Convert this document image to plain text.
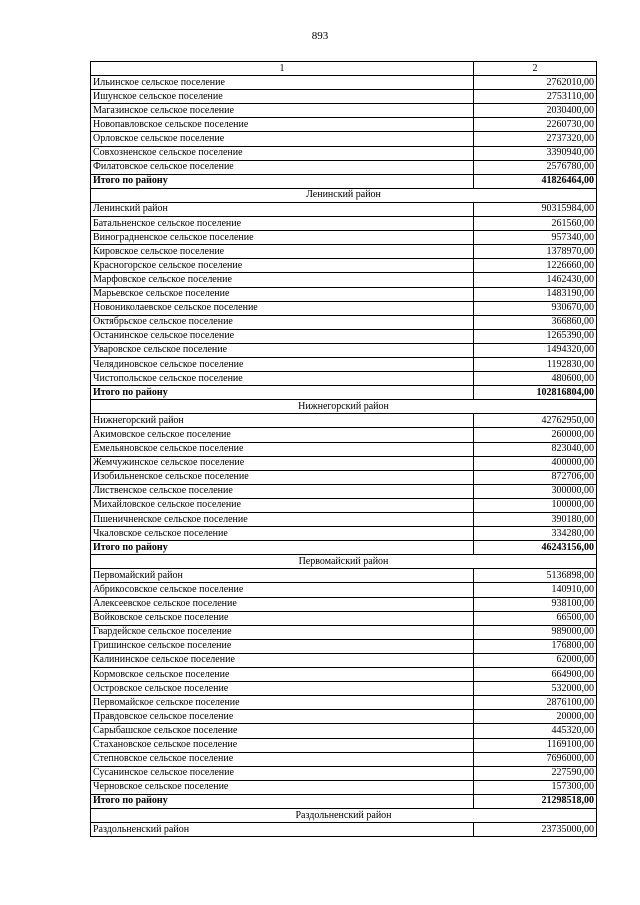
893
1	2
Ильинское сельское поселение	2762010,00
Ишунское сельское поселение	2753110,00
Магазинское сельское поселение	2030400,00
Новопавловское сельское поселение	2260730,00
Орловское сельское поселение	2737320,00
Совхозненское сельское поселение	3390940,00
Филатовское сельское поселение	2576780,00
Итого по району	41826464,00
Ленинский район	
Ленинский район	90315984,00
Батальненское сельское поселение	261560,00
Виноградненское сельское поселение	957340,00
Кировское сельское поселение	1378970,00
Красногорское сельское поселение	1226660,00
Марфовское сельское поселение	1462430,00
Марьевское сельское поселение	1483190,00
Новониколаевское сельское поселение	930670,00
Октябрьское сельское поселение	366860,00
Останинское сельское поселение	1265390,00
Уваровское сельское поселение	1494320,00
Челядиновское сельское поселение	1192830,00
Чистопольское сельское поселение	480600,00
Итого по району	102816804,00
Нижнегорский район	
Нижнегорский район	42762950,00
Акимовское сельское поселение	260000,00
Емельяновское сельское поселение	823040,00
Жемчужинское сельское поселение	400000,00
Изобильненское сельское поселение	872706,00
Лиственское сельское поселение	300000,00
Михайловское сельское поселение	100000,00
Пшеничненское сельское поселение	390180,00
Чкаловское сельское поселение	334280,00
Итого по району	46243156,00
Первомайский район	
Первомайский район	5136898,00
Абрикосовское сельское поселение	140910,00
Алексеевское сельское поселение	938100,00
Войковское сельское поселение	66500,00
Гвардейское сельское поселение	989000,00
Гришинское сельское поселение	176800,00
Калининское сельское поселение	62000,00
Кормовское сельское поселение	664900,00
Островское сельское поселение	532000,00
Первомайское сельское поселение	2876100,00
Правдовское сельское поселение	20000,00
Сарыбашское сельское поселение	445320,00
Стахановское сельское поселение	1169100,00
Степновское сельское поселение	7696000,00
Сусанинское сельское поселение	227590,00
Черновское сельское поселение	157300,00
Итого по району	21298518,00
Раздольненский район	
Раздольненский район	23735000,00
